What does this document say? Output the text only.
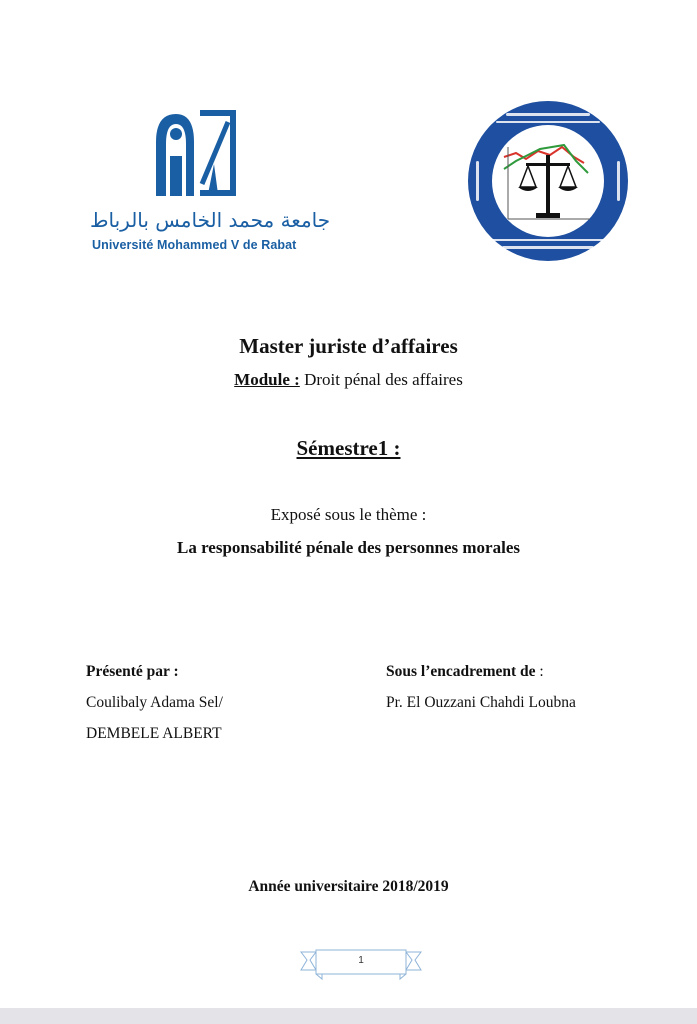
جامعة محمد الخامس بالرباط
Université Mohammed V de Rabat
Master juriste d’affaires
Module : Droit pénal des affaires
Sémestre1 :
Exposé sous le thème :
La responsabilité pénale des personnes morales
Présenté par :
Coulibaly Adama Sel/
DEMBELE ALBERT
Sous l’encadrement de :
Pr. El Ouzzani Chahdi Loubna
Année universitaire 2018/2019
1
